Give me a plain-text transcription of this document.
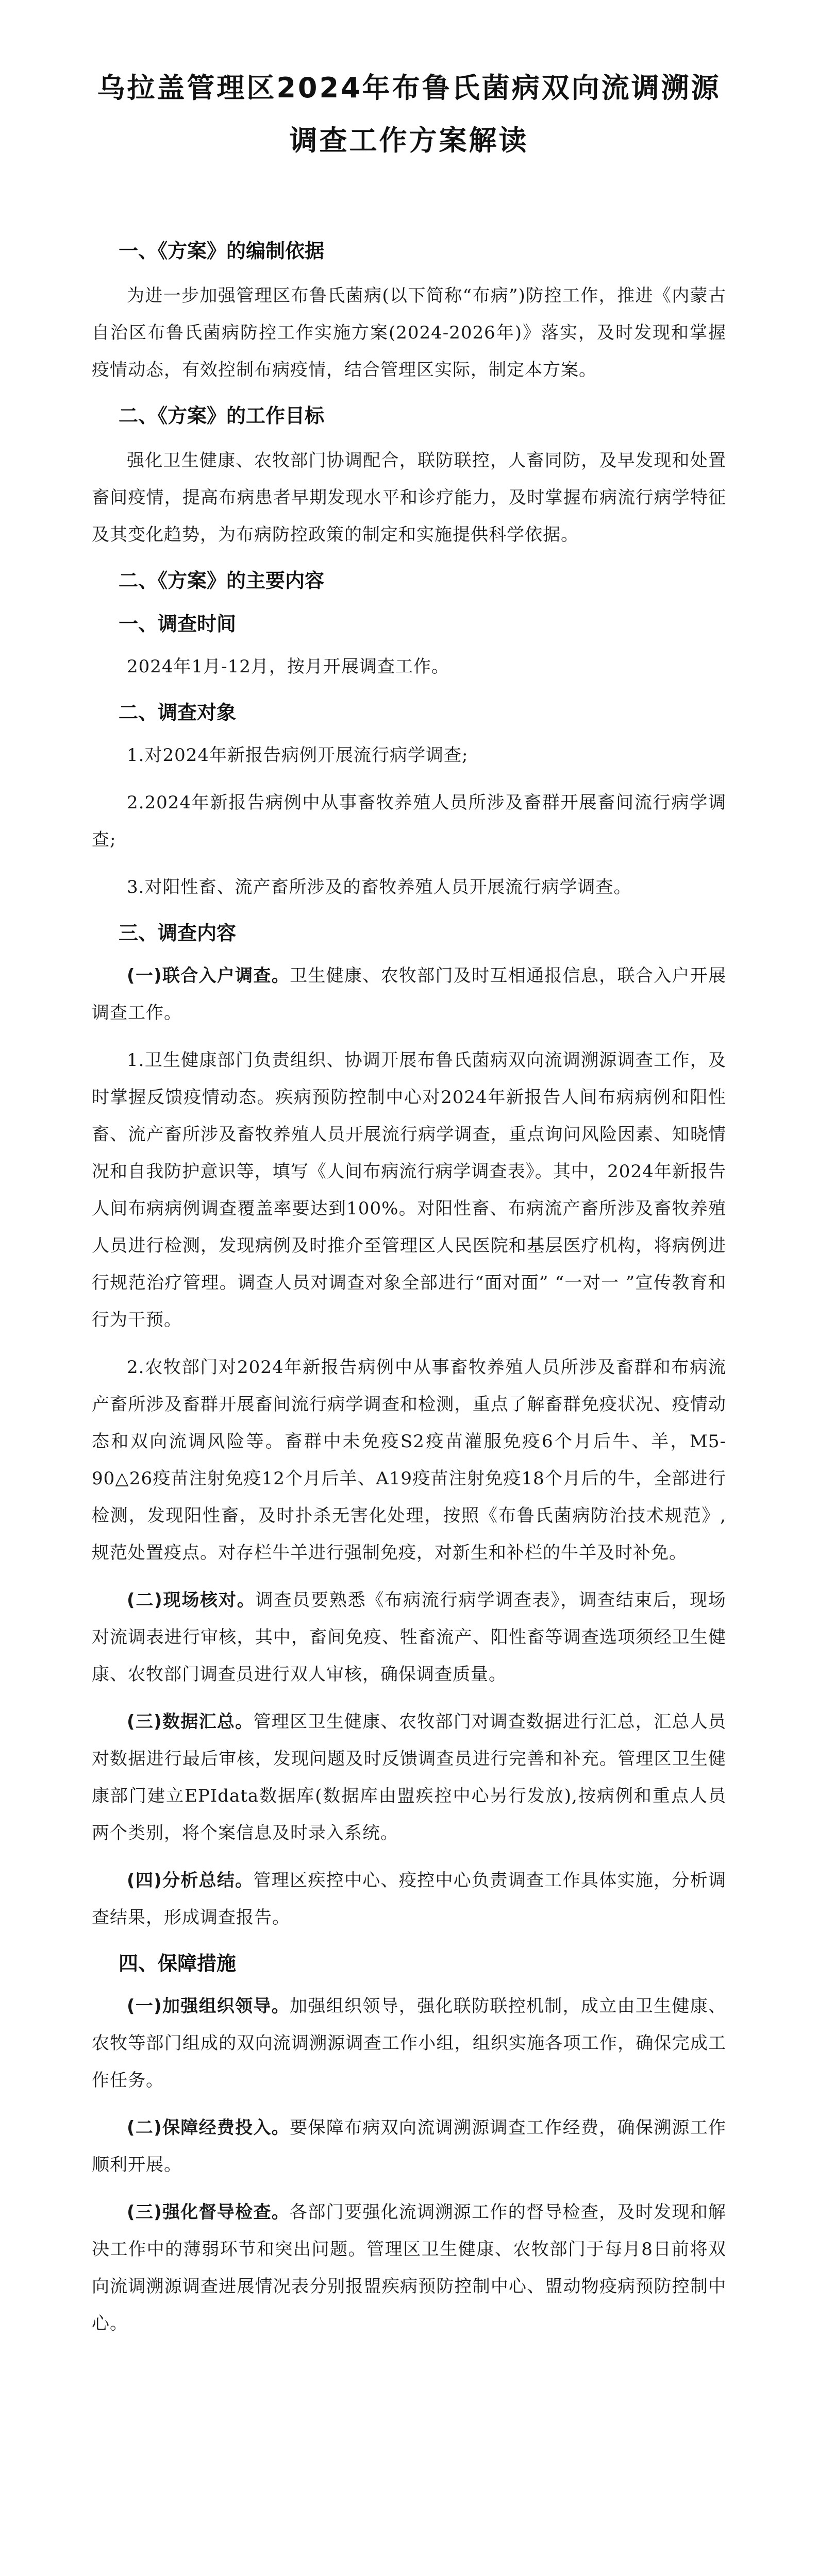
乌拉盖管理区2024年布鲁氏菌病双向流调溯源
调查工作方案解读
一、《方案》的编制依据

为进一步加强管理区布鲁氏菌病(以下简称“布病”)防控工作，推进《内蒙古自治区布鲁氏菌病防控工作实施方案(2024-2026年)》落实，及时发现和掌握疫情动态，有效控制布病疫情，结合管理区实际，制定本方案。

二、《方案》的工作目标

强化卫生健康、农牧部门协调配合，联防联控，人畜同防，及早发现和处置畜间疫情，提高布病患者早期发现水平和诊疗能力，及时掌握布病流行病学特征及其变化趋势，为布病防控政策的制定和实施提供科学依据。

二、《方案》的主要内容
一、调查时间

2024年1月-12月，按月开展调查工作。

二、调查对象

1.对2024年新报告病例开展流行病学调查;

2.2024年新报告病例中从事畜牧养殖人员所涉及畜群开展畜间流行病学调查;

3.对阳性畜、流产畜所涉及的畜牧养殖人员开展流行病学调查。

三、调查内容

(一)联合入户调查。卫生健康、农牧部门及时互相通报信息，联合入户开展调查工作。

1.卫生健康部门负责组织、协调开展布鲁氏菌病双向流调溯源调查工作，及时掌握反馈疫情动态。疾病预防控制中心对2024年新报告人间布病病例和阳性畜、流产畜所涉及畜牧养殖人员开展流行病学调查，重点询问风险因素、知晓情况和自我防护意识等，填写《人间布病流行病学调查表》。其中，2024年新报告人间布病病例调查覆盖率要达到100%。对阳性畜、布病流产畜所涉及畜牧养殖人员进行检测，发现病例及时推介至管理区人民医院和基层医疗机构，将病例进行规范治疗管理。调查人员对调查对象全部进行“面对面” “一对一 ”宣传教育和行为干预。

2.农牧部门对2024年新报告病例中从事畜牧养殖人员所涉及畜群和布病流产畜所涉及畜群开展畜间流行病学调查和检测，重点了解畜群免疫状况、疫情动态和双向流调风险等。畜群中未免疫S2疫苗灌服免疫6个月后牛、羊，M5-90△26疫苗注射免疫12个月后羊、A19疫苗注射免疫18个月后的牛，全部进行检测，发现阳性畜，及时扑杀无害化处理，按照《布鲁氏菌病防治技术规范》,规范处置疫点。对存栏牛羊进行强制免疫，对新生和补栏的牛羊及时补免。

(二)现场核对。调查员要熟悉《布病流行病学调查表》，调查结束后，现场对流调表进行审核，其中，畜间免疫、牲畜流产、阳性畜等调查选项须经卫生健康、农牧部门调查员进行双人审核，确保调查质量。

(三)数据汇总。管理区卫生健康、农牧部门对调查数据进行汇总，汇总人员对数据进行最后审核，发现问题及时反馈调查员进行完善和补充。管理区卫生健康部门建立EPIdata数据库(数据库由盟疾控中心另行发放),按病例和重点人员两个类别，将个案信息及时录入系统。

(四)分析总结。管理区疾控中心、疫控中心负责调查工作具体实施，分析调查结果，形成调查报告。

四、保障措施

(一)加强组织领导。加强组织领导，强化联防联控机制，成立由卫生健康、农牧等部门组成的双向流调溯源调查工作小组，组织实施各项工作，确保完成工作任务。

(二)保障经费投入。要保障布病双向流调溯源调查工作经费，确保溯源工作顺利开展。

(三)强化督导检查。各部门要强化流调溯源工作的督导检查，及时发现和解决工作中的薄弱环节和突出问题。管理区卫生健康、农牧部门于每月8日前将双向流调溯源调查进展情况表分别报盟疾病预防控制中心、盟动物疫病预防控制中心。
